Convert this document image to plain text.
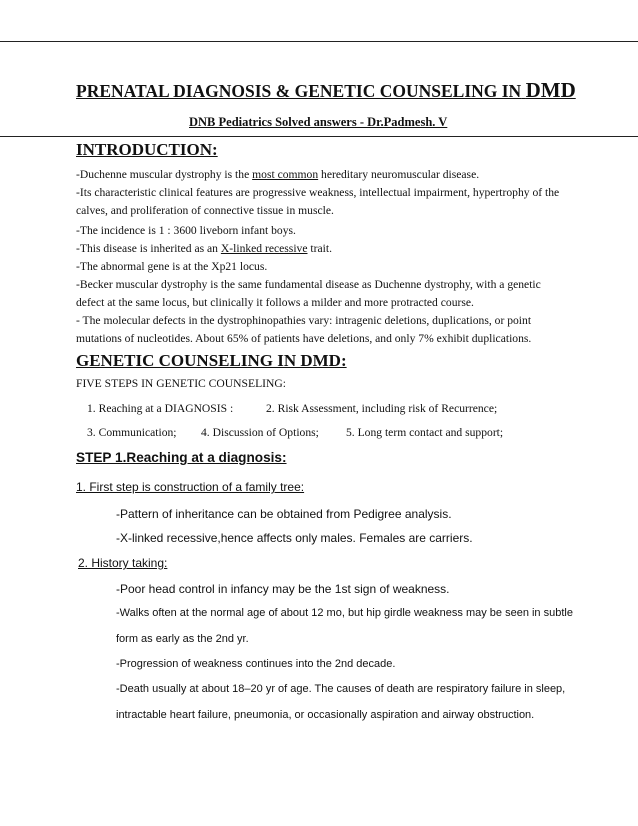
PRENATAL DIAGNOSIS & GENETIC COUNSELING IN DMD
DNB Pediatrics Solved answers - Dr.Padmesh. V
INTRODUCTION:
-Duchenne muscular dystrophy is the most common hereditary neuromuscular disease.
-Its characteristic clinical features are progressive weakness, intellectual impairment, hypertrophy of the
calves, and proliferation of connective tissue in muscle.
-The incidence is 1 : 3600 liveborn infant boys.
-This disease is inherited as an X-linked recessive trait.
-The abnormal gene is at the Xp21 locus.
-Becker muscular dystrophy is the same fundamental disease as Duchenne dystrophy, with a genetic
defect at the same locus, but clinically it follows a milder and more protracted course.
- The molecular defects in the dystrophinopathies vary: intragenic deletions, duplications, or point
mutations of nucleotides. About 65% of patients have deletions, and only 7% exhibit duplications.
GENETIC COUNSELING IN DMD:
FIVE STEPS IN GENETIC COUNSELING:
1. Reaching at a DIAGNOSIS :	2. Risk Assessment, including risk of Recurrence;
3. Communication; 4. Discussion of Options; 5. Long term contact and support;
STEP 1.Reaching at a diagnosis:
1. First step is construction of a family tree:
-Pattern of inheritance can be obtained from Pedigree analysis.
-X-linked recessive,hence affects only males. Females are carriers.
2. History taking:
-Poor head control in infancy may be the 1st sign of weakness.
-Walks often at the normal age of about 12 mo, but hip girdle weakness may be seen in subtle
form as early as the 2nd yr.
-Progression of weakness continues into the 2nd decade.
-Death usually at about 18–20 yr of age. The causes of death are respiratory failure in sleep,
intractable heart failure, pneumonia, or occasionally aspiration and airway obstruction.
